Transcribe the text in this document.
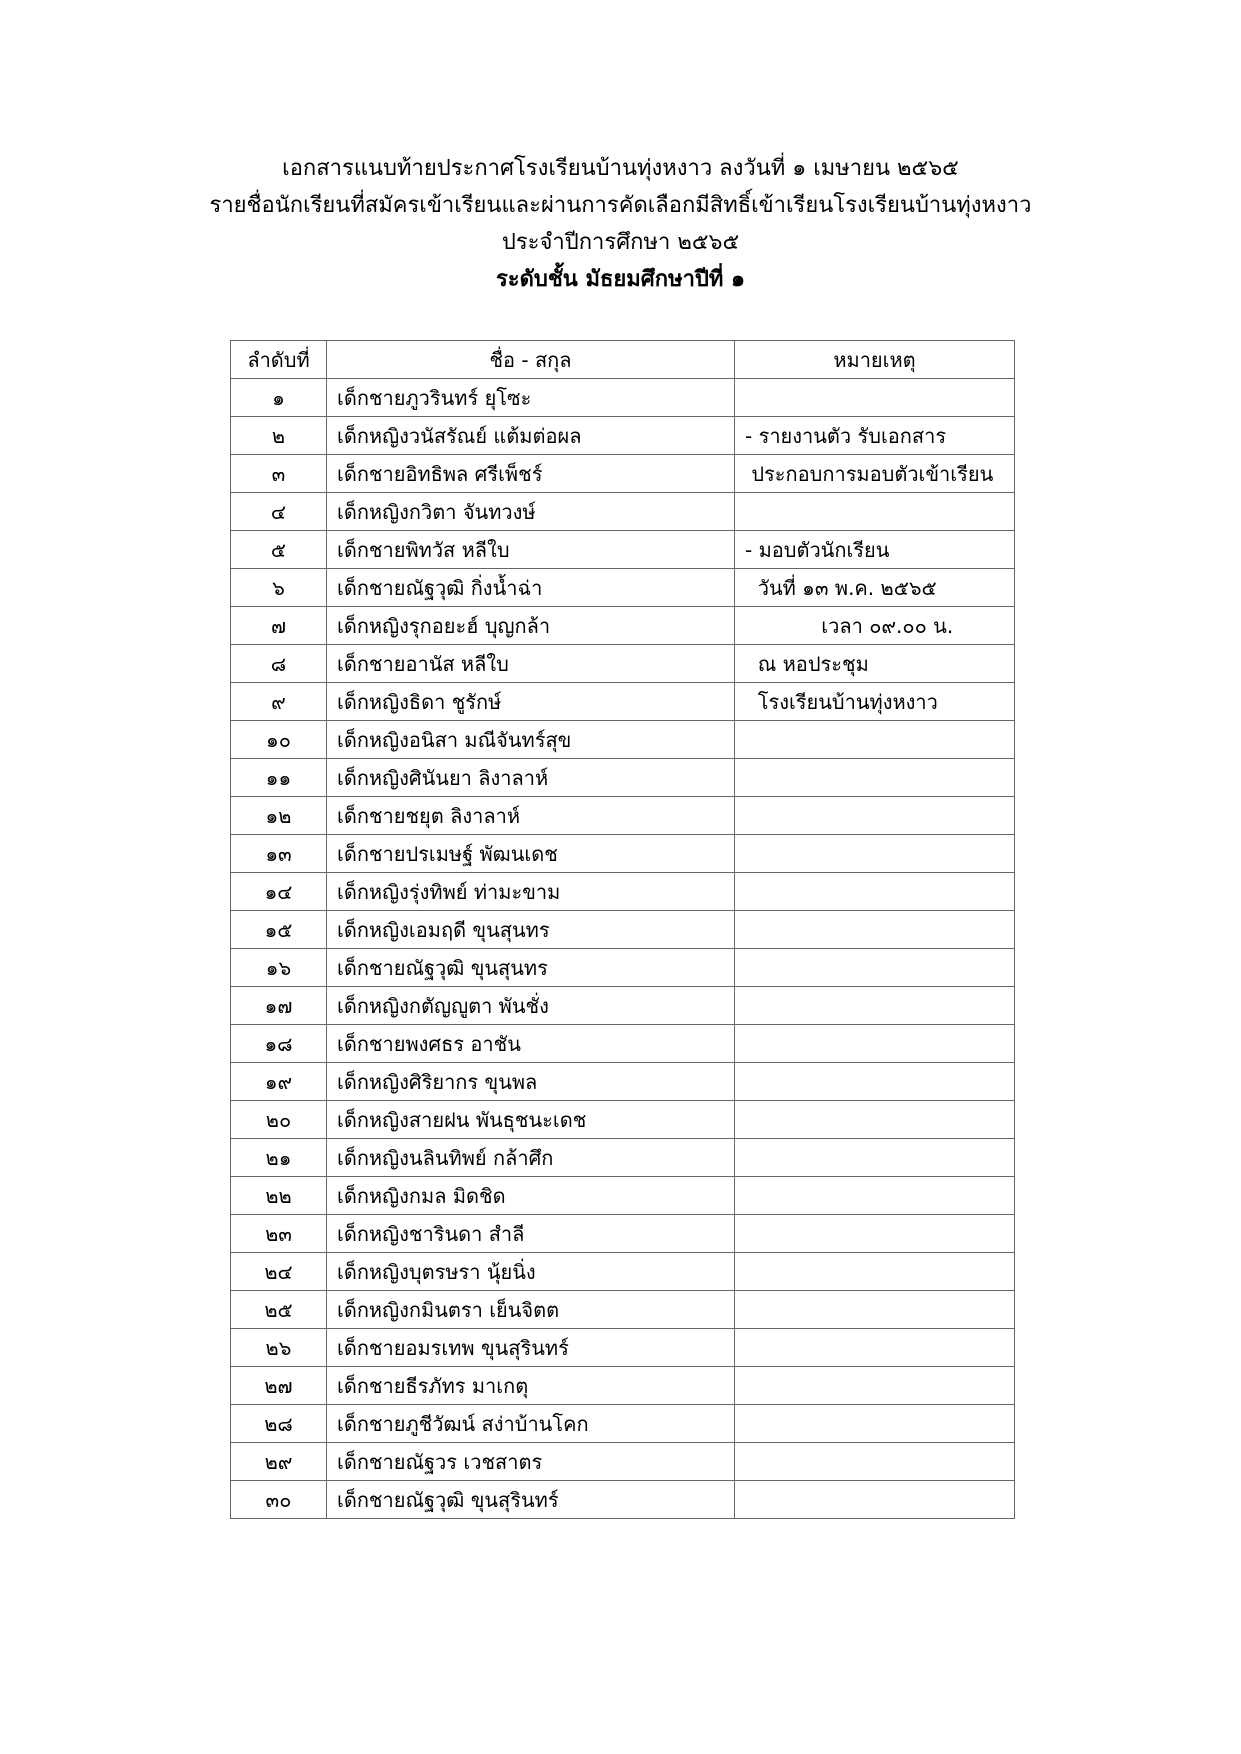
เอกสารแนบท้ายประกาศโรงเรียนบ้านทุ่งหงาว ลงวันที่ ๑ เมษายน ๒๕๖๕
รายชื่อนักเรียนที่สมัครเข้าเรียนและผ่านการคัดเลือกมีสิทธิ์เข้าเรียนโรงเรียนบ้านทุ่งหงาว
ประจำปีการศึกษา ๒๕๖๕
ระดับชั้น มัธยมศึกษาปีที่ ๑
ลำดับที่	ชื่อ - สกุล	หมายเหตุ
๑	เด็กชายภูวรินทร์ ยุโซะ	
๒	เด็กหญิงวนัสรัณย์ แต้มต่อผล	- รายงานตัว รับเอกสาร
๓	เด็กชายอิทธิพล ศรีเพ็ชร์	ประกอบการมอบตัวเข้าเรียน
๔	เด็กหญิงกวิตา จันทวงษ์	
๕	เด็กชายพิทวัส หลีใบ	- มอบตัวนักเรียน
๖	เด็กชายณัฐวุฒิ กิ่งน้ำฉ่า	วันที่ ๑๓ พ.ค. ๒๕๖๕
๗	เด็กหญิงรุกอยะฮ์ บุญกล้า	เวลา ๐๙.๐๐ น.
๘	เด็กชายอานัส หลีใบ	ณ หอประชุม
๙	เด็กหญิงธิดา ชูรักษ์	โรงเรียนบ้านทุ่งหงาว
๑๐	เด็กหญิงอนิสา มณีจันทร์สุข	
๑๑	เด็กหญิงศินันยา ลิงาลาห์	
๑๒	เด็กชายชยุต ลิงาลาห์	
๑๓	เด็กชายปรเมษฐ์ พัฒนเดช	
๑๔	เด็กหญิงรุ่งทิพย์ ท่ามะขาม	
๑๕	เด็กหญิงเอมฤดี ขุนสุนทร	
๑๖	เด็กชายณัฐวุฒิ ขุนสุนทร	
๑๗	เด็กหญิงกตัญญูตา พันชั่ง	
๑๘	เด็กชายพงศธร อาชัน	
๑๙	เด็กหญิงศิริยากร ขุนพล	
๒๐	เด็กหญิงสายฝน พันธุชนะเดช	
๒๑	เด็กหญิงนลินทิพย์ กล้าศึก	
๒๒	เด็กหญิงกมล มิดชิด	
๒๓	เด็กหญิงชารินดา สำลี	
๒๔	เด็กหญิงบุตรษรา นุ้ยนิ่ง	
๒๕	เด็กหญิงกมินตรา เย็นจิตต	
๒๖	เด็กชายอมรเทพ ขุนสุรินทร์	
๒๗	เด็กชายธีรภัทร มาเกตุ	
๒๘	เด็กชายภูชีวัฒน์ สง่าบ้านโคก	
๒๙	เด็กชายณัฐวร เวชสาตร	
๓๐	เด็กชายณัฐวุฒิ ขุนสุรินทร์	
